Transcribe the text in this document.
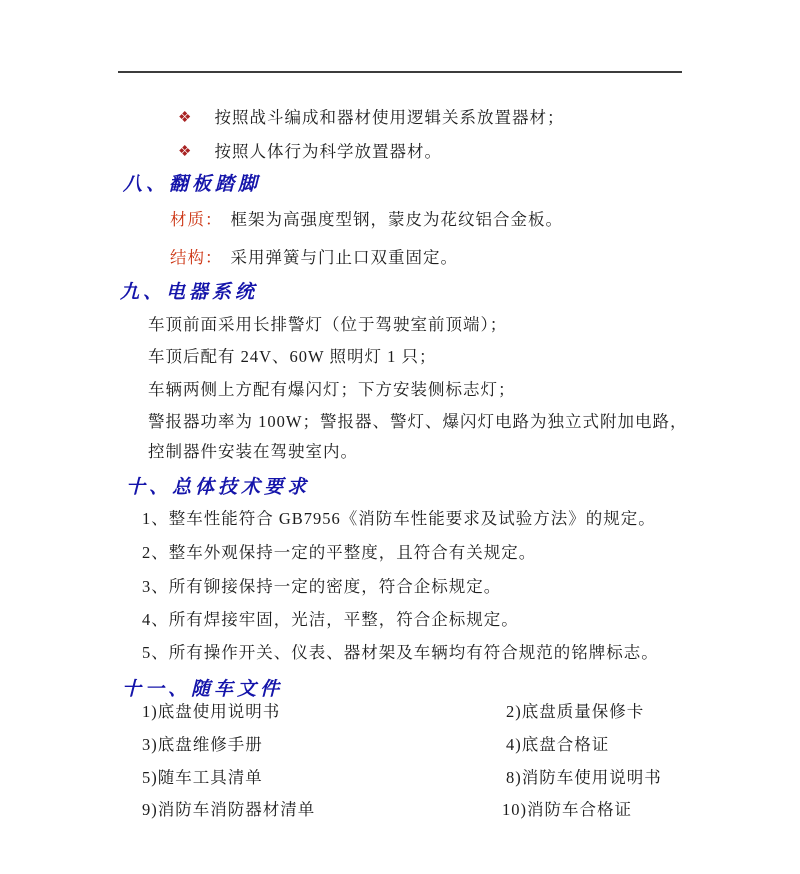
❖ 按照战斗编成和器材使用逻辑关系放置器材；
❖ 按照人体行为科学放置器材。
八、翻板踏脚
材质： 框架为高强度型钢，蒙皮为花纹铝合金板。
结构： 采用弹簧与门止口双重固定。
九、电器系统
车顶前面采用长排警灯（位于驾驶室前顶端）；
车顶后配有 24V、60W 照明灯 1 只；
车辆两侧上方配有爆闪灯；下方安装侧标志灯；
警报器功率为 100W；警报器、警灯、爆闪灯电路为独立式附加电路，
控制器件安装在驾驶室内。
十、总体技术要求
1、整车性能符合 GB7956《消防车性能要求及试验方法》的规定。
2、整车外观保持一定的平整度，且符合有关规定。
3、所有铆接保持一定的密度，符合企标规定。
4、所有焊接牢固，光洁，平整，符合企标规定。
5、所有操作开关、仪表、器材架及车辆均有符合规范的铭牌标志。
十一、随车文件
1)底盘使用说明书	2)底盘质量保修卡
3)底盘维修手册	4)底盘合格证
5)随车工具清单	8)消防车使用说明书
9)消防车消防器材清单	10)消防车合格证
